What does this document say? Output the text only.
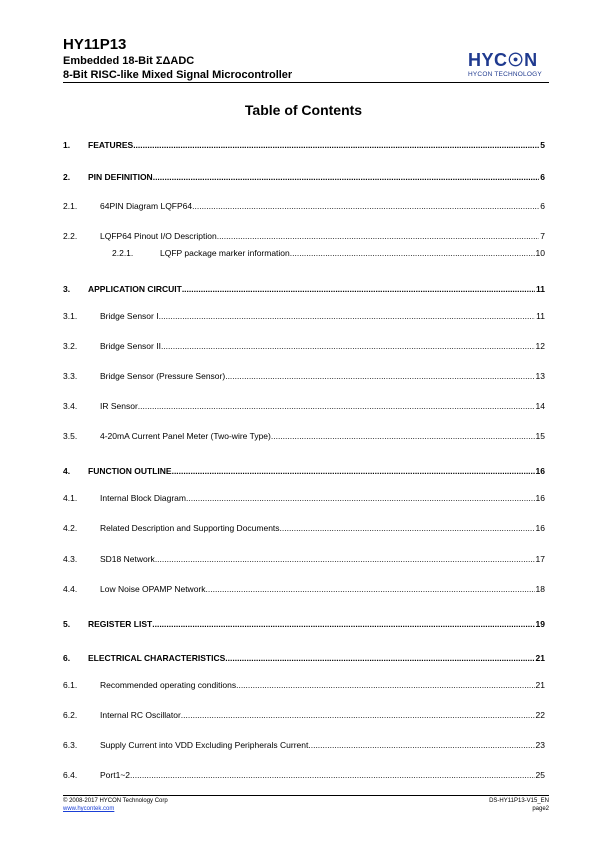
HY11P13
Embedded 18-Bit ΣΔADC
8-Bit RISC-like Mixed Signal Microcontroller
HYC☉N
HYCON TECHNOLOGY
Table of Contents
1. FEATURES .....	5
2. PIN DEFINITION .....	6
2.1.	64PIN Diagram LQFP64 .....	6
2.2.	LQFP64 Pinout I/O Description .....	7
2.2.1.	LQFP package marker information .....	10
3. APPLICATION CIRCUIT .....	11
3.1.	Bridge Sensor I .....	11
3.2.	Bridge Sensor II .....	12
3.3.	Bridge Sensor (Pressure Sensor) .....	13
3.4.	IR Sensor .....	14
3.5.	4-20mA Current Panel Meter (Two-wire Type) .....	15
4. FUNCTION OUTLINE .....	16
4.1.	Internal Block Diagram .....	16
4.2.	Related Description and Supporting Documents .....	16
4.3.	SD18 Network .....	17
4.4.	Low Noise OPAMP Network .....	18
5. REGISTER LIST .....	19
6. ELECTRICAL CHARACTERISTICS .....	21
6.1.	Recommended operating conditions .....	21
6.2.	Internal RC Oscillator .....	22
6.3.	Supply Current into VDD Excluding Peripherals Current .....	23
6.4.	Port1~2 .....	25
© 2008-2017 HYCON Technology Corp
www.hycontek.com
DS-HY11P13-V15_EN
page2
